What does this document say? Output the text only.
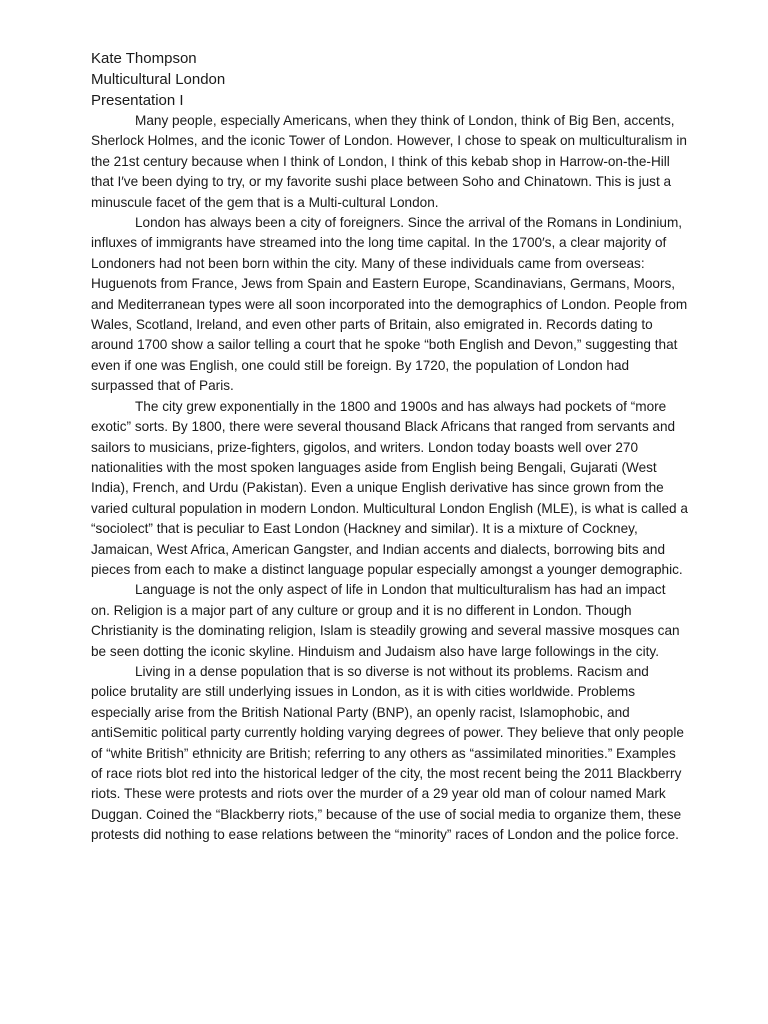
Kate Thompson

Multicultural London

Presentation I

Many people, especially Americans, when they think of London, think of Big Ben, accents, Sherlock Holmes, and the iconic Tower of London. However, I chose to speak on multiculturalism in the 21st century because when I think of London, I think of this kebab shop in Harrow-on-the-Hill that I′ve been dying to try, or my favorite sushi place between Soho and Chinatown. This is just a minuscule facet of the gem that is a Multi-cultural London.

London has always been a city of foreigners. Since the arrival of the Romans in Londinium, influxes of immigrants have streamed into the long time capital. In the 1700′s, a clear majority of Londoners had not been born within the city. Many of these individuals came from overseas: Huguenots from France, Jews from Spain and Eastern Europe, Scandinavians, Germans, Moors, and Mediterranean types were all soon incorporated into the demographics of London. People from Wales, Scotland, Ireland, and even other parts of Britain, also emigrated in. Records dating to around 1700 show a sailor telling a court that he spoke “both English and Devon,” suggesting that even if one was English, one could still be foreign. By 1720, the population of London had surpassed that of Paris.

The city grew exponentially in the 1800 and 1900s and has always had pockets of “more exotic” sorts. By 1800, there were several thousand Black Africans that ranged from servants and sailors to musicians, prize-fighters, gigolos, and writers. London today boasts well over 270 nationalities with the most spoken languages aside from English being Bengali, Gujarati (West India), French, and Urdu (Pakistan). Even a unique English derivative has since grown from the varied cultural population in modern London. Multicultural London English (MLE), is what is called a “sociolect” that is peculiar to East London (Hackney and similar). It is a mixture of Cockney, Jamaican, West Africa, American Gangster, and Indian accents and dialects, borrowing bits and pieces from each to make a distinct language popular especially amongst a younger demographic.

Language is not the only aspect of life in London that multiculturalism has had an impact on. Religion is a major part of any culture or group and it is no different in London. Though Christianity is the dominating religion, Islam is steadily growing and several massive mosques can be seen dotting the iconic skyline. Hinduism and Judaism also have large followings in the city.

Living in a dense population that is so diverse is not without its problems. Racism and police brutality are still underlying issues in London, as it is with cities worldwide. Problems especially arise from the British National Party (BNP), an openly racist, Islamophobic, and antiSemitic political party currently holding varying degrees of power. They believe that only people of “white British” ethnicity are British; referring to any others as “assimilated minorities.” Examples of race riots blot red into the historical ledger of the city, the most recent being the 2011 Blackberry riots. These were protests and riots over the murder of a 29 year old man of colour named Mark Duggan. Coined the “Blackberry riots,” because of the use of social media to organize them, these protests did nothing to ease relations between the “minority” races of London and the police force.
